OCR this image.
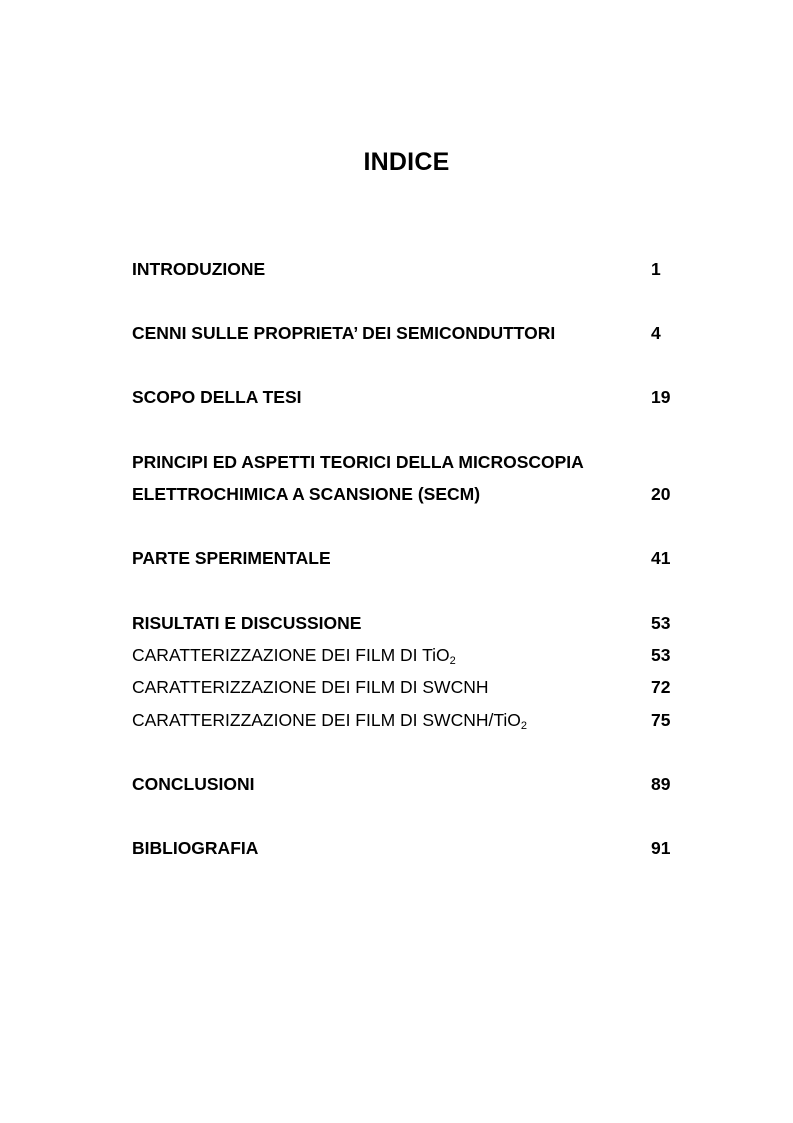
INDICE
INTRODUZIONE	1
CENNI SULLE PROPRIETA’ DEI SEMICONDUTTORI	4
SCOPO DELLA TESI	19
PRINCIPI ED ASPETTI TEORICI DELLA MICROSCOPIA
ELETTROCHIMICA A SCANSIONE (SECM)	20
PARTE SPERIMENTALE	41
RISULTATI E DISCUSSIONE	53
CARATTERIZZAZIONE DEI FILM DI TiO$_2$	53
CARATTERIZZAZIONE DEI FILM DI SWCNH	72
CARATTERIZZAZIONE DEI FILM DI SWCNH/TiO$_2$	75
CONCLUSIONI	89
BIBLIOGRAFIA	91
